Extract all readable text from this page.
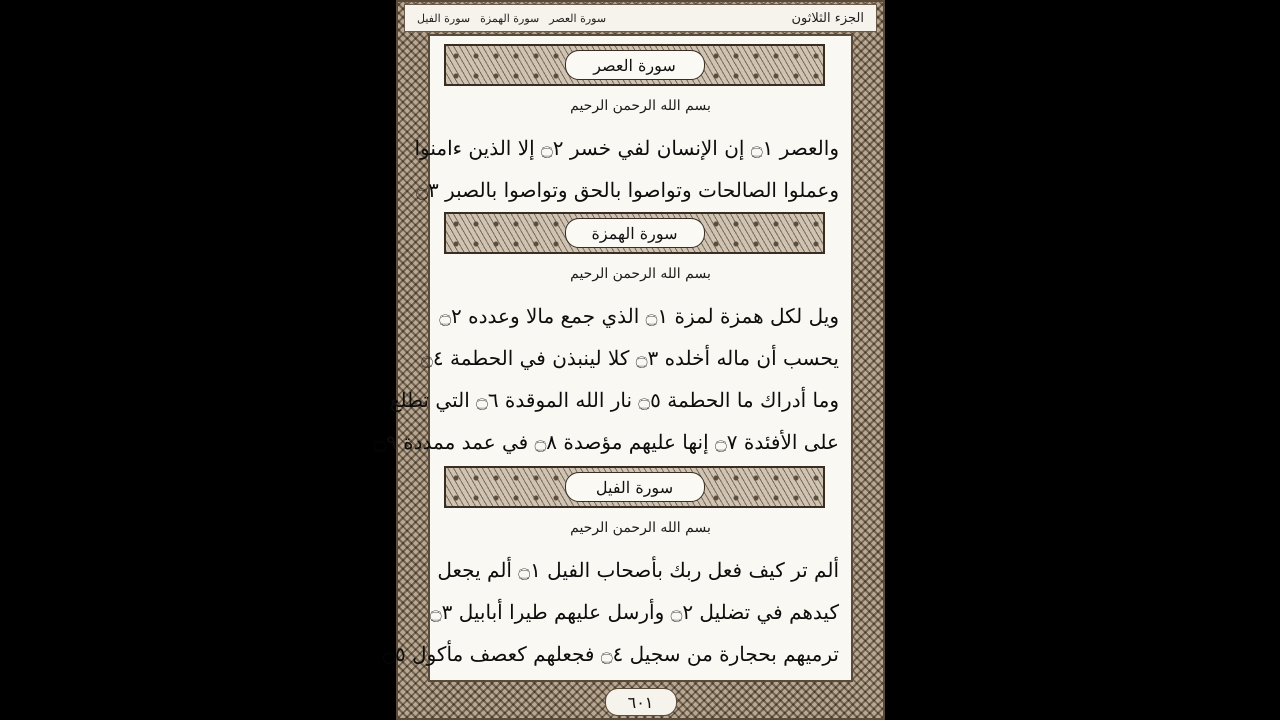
الجزء الثلاثون
سورة العصر
سورة الهمزة
سورة الفيل
سورة العصر
بسم الله الرحمن الرحيم
والعصر ۝١ إن الإنسان لفي خسر ۝٢ إلا الذين ءامنوا
وعملوا الصالحات وتواصوا بالحق وتواصوا بالصبر ۝٣
سورة الهمزة
بسم الله الرحمن الرحيم
ويل لكل همزة لمزة ۝١ الذي جمع مالا وعدده ۝٢
يحسب أن ماله أخلده ۝٣ كلا لينبذن في الحطمة ۝٤
وما أدراك ما الحطمة ۝٥ نار الله الموقدة ۝٦ التي تطلع
على الأفئدة ۝٧ إنها عليهم مؤصدة ۝٨ في عمد ممددة ۝٩
سورة الفيل
بسم الله الرحمن الرحيم
ألم تر كيف فعل ربك بأصحاب الفيل ۝١ ألم يجعل
كيدهم في تضليل ۝٢ وأرسل عليهم طيرا أبابيل ۝٣
ترميهم بحجارة من سجيل ۝٤ فجعلهم كعصف مأكول ۝٥
٦٠١
